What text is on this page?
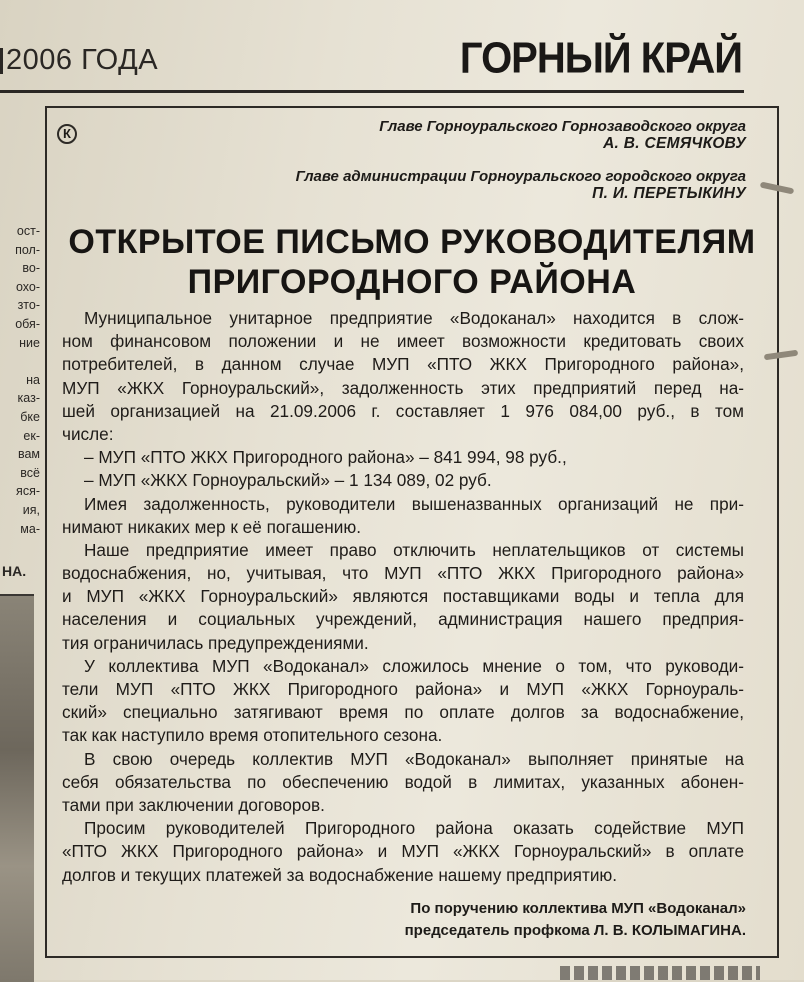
2006 ГОДА	ГОРНЫЙ КРАЙ
ост-
пол-
во-
охо-
зто-
обя-
ние
на
каз-
бке
ек-
вам
всё
яся-
ия,
ма-
НА.
К	Главе Горноуральского Горнозаводского округа
А. В. СЕМЯЧКОВУ
Главе администрации Горноуральского городского округа
П. И. ПЕРЕТЫКИНУ
ОТКРЫТОЕ ПИСЬМО РУКОВОДИТЕЛЯМ
ПРИГОРОДНОГО РАЙОНА
Муниципальное унитарное предприятие «Водоканал» находится в слож-
ном финансовом положении и не имеет возможности кредитовать своих
потребителей, в данном случае МУП «ПТО ЖКХ Пригородного района»,
МУП «ЖКХ Горноуральский», задолженность этих предприятий перед на-
шей организацией на 21.09.2006 г. составляет 1 976 084,00 руб., в том
числе:
– МУП «ПТО ЖКХ Пригородного района» – 841 994, 98 руб.,
– МУП «ЖКХ Горноуральский» – 1 134 089, 02 руб.
Имея задолженность, руководители вышеназванных организаций не при-
нимают никаких мер к её погашению.
Наше предприятие имеет право отключить неплательщиков от системы
водоснабжения, но, учитывая, что МУП «ПТО ЖКХ Пригородного района»
и МУП «ЖКХ Горноуральский» являются поставщиками воды и тепла для
населения и социальных учреждений, администрация нашего предприя-
тия ограничилась предупреждениями.
У коллектива МУП «Водоканал» сложилось мнение о том, что руководи-
тели МУП «ПТО ЖКХ Пригородного района» и МУП «ЖКХ Горноураль-
ский» специально затягивают время по оплате долгов за водоснабжение,
так как наступило время отопительного сезона.
В свою очередь коллектив МУП «Водоканал» выполняет принятые на
себя обязательства по обеспечению водой в лимитах, указанных абонен-
тами при заключении договоров.
Просим руководителей Пригородного района оказать содействие МУП
«ПТО ЖКХ Пригородного района» и МУП «ЖКХ Горноуральский» в оплате
долгов и текущих платежей за водоснабжение нашему предприятию.
По поручению коллектива МУП «Водоканал»
председатель профкома Л. В. КОЛЫМАГИНА.
